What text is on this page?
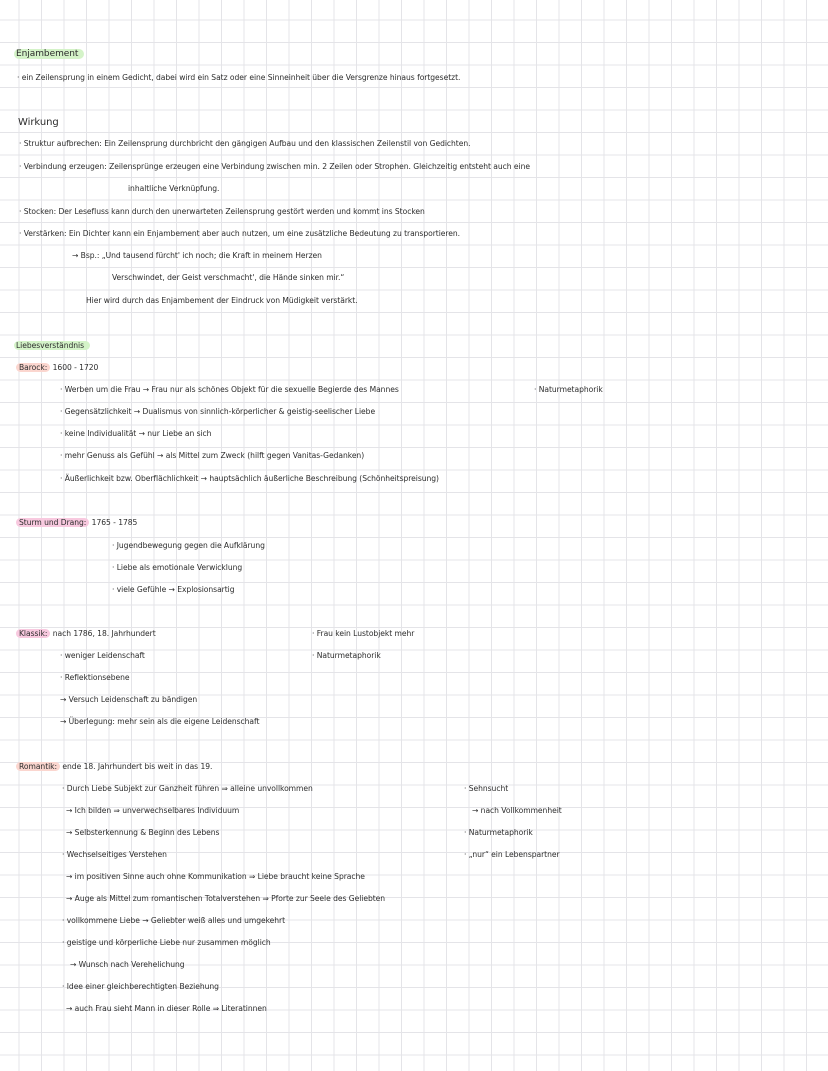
Enjambement
· ein Zeilensprung in einem Gedicht, dabei wird ein Satz oder eine Sinneinheit über die Versgrenze hinaus fortgesetzt.
Wirkung
· Struktur aufbrechen: Ein Zeilensprung durchbricht den gängigen Aufbau und den klassischen Zeilenstil von Gedichten.
· Verbindung erzeugen: Zeilensprünge erzeugen eine Verbindung zwischen min. 2 Zeilen oder Strophen. Gleichzeitig entsteht auch eine
inhaltliche Verknüpfung.
· Stocken: Der Lesefluss kann durch den unerwarteten Zeilensprung gestört werden und kommt ins Stocken
· Verstärken: Ein Dichter kann ein Enjambement aber auch nutzen, um eine zusätzliche Bedeutung zu transportieren.
→ Bsp.: „Und tausend fürcht' ich noch; die Kraft in meinem Herzen
Verschwindet, der Geist verschmacht', die Hände sinken mir.“
Hier wird durch das Enjambement der Eindruck von Müdigkeit verstärkt.
Liebesverständnis
Barock: 1600 - 1720
· Werben um die Frau → Frau nur als schönes Objekt für die sexuelle Begierde des Mannes
· Gegensätzlichkeit → Dualismus von sinnlich-körperlicher & geistig-seelischer Liebe
· keine Individualität → nur Liebe an sich
· mehr Genuss als Gefühl → als Mittel zum Zweck (hilft gegen Vanitas-Gedanken)
· Äußerlichkeit bzw. Oberflächlichkeit → hauptsächlich äußerliche Beschreibung (Schönheitspreisung)
· Naturmetaphorik
Sturm und Drang: 1765 - 1785
· Jugendbewegung gegen die Aufklärung
· Liebe als emotionale Verwicklung
· viele Gefühle → Explosionsartig
Klassik: nach 1786, 18. Jahrhundert
· weniger Leidenschaft
· Reflektionsebene
→ Versuch Leidenschaft zu bändigen
→ Überlegung: mehr sein als die eigene Leidenschaft
· Frau kein Lustobjekt mehr
· Naturmetaphorik
Romantik: ende 18. Jahrhundert bis weit in das 19.
· Durch Liebe Subjekt zur Ganzheit führen ⇒ alleine unvollkommen
→ Ich bilden ⇒ unverwechselbares Individuum
→ Selbsterkennung & Beginn des Lebens
· Wechselseitiges Verstehen
→ im positiven Sinne auch ohne Kommunikation ⇒ Liebe braucht keine Sprache
→ Auge als Mittel zum romantischen Totalverstehen ⇒ Pforte zur Seele des Geliebten
· vollkommene Liebe → Geliebter weiß alles und umgekehrt
· geistige und körperliche Liebe nur zusammen möglich
→ Wunsch nach Verehelichung
· Idee einer gleichberechtigten Beziehung
→ auch Frau sieht Mann in dieser Rolle ⇒ Literatinnen
· Sehnsucht
→ nach Vollkommenheit
· Naturmetaphorik
· „nur“ ein Lebenspartner
